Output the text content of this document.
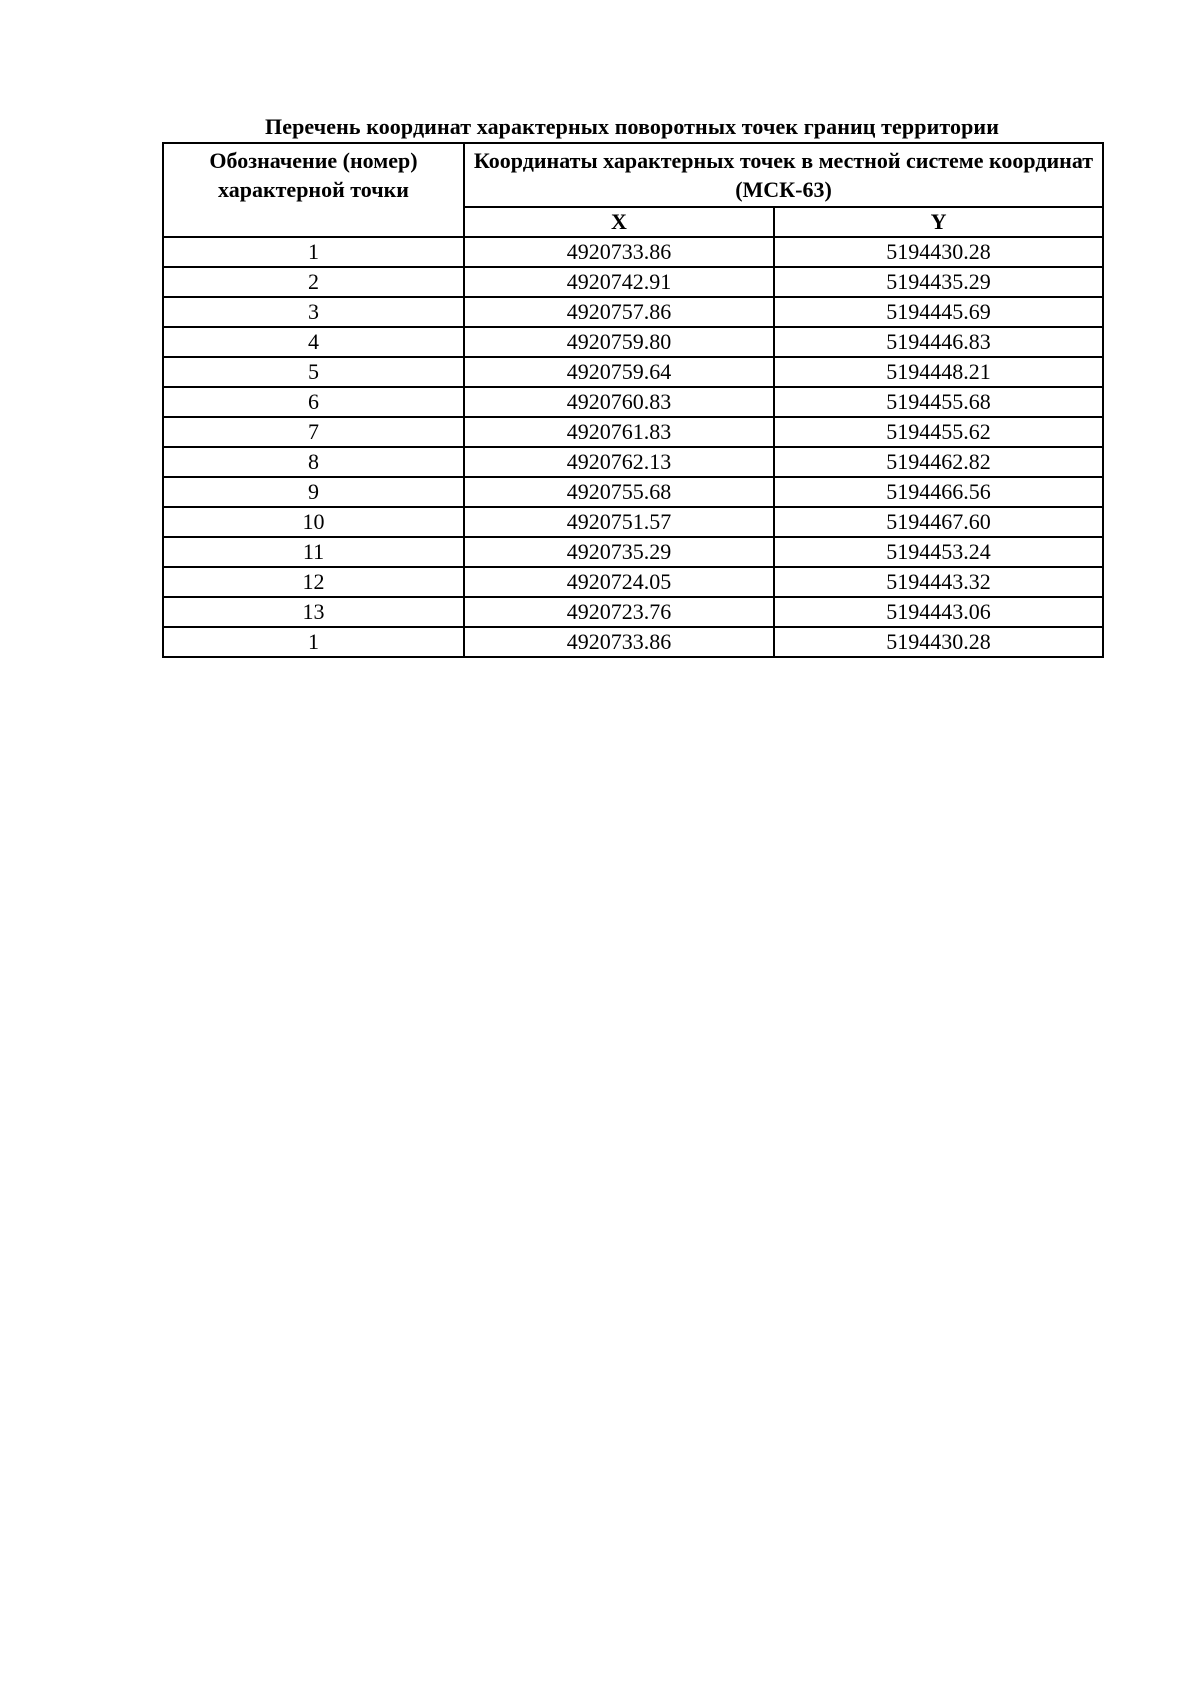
Перечень координат характерных поворотных точек границ территории
Обозначение (номер) характерной точки	Координаты характерных точек в местной системе координат (МСК-63)	
	X	Y
1	4920733.86	5194430.28
2	4920742.91	5194435.29
3	4920757.86	5194445.69
4	4920759.80	5194446.83
5	4920759.64	5194448.21
6	4920760.83	5194455.68
7	4920761.83	5194455.62
8	4920762.13	5194462.82
9	4920755.68	5194466.56
10	4920751.57	5194467.60
11	4920735.29	5194453.24
12	4920724.05	5194443.32
13	4920723.76	5194443.06
1	4920733.86	5194430.28
